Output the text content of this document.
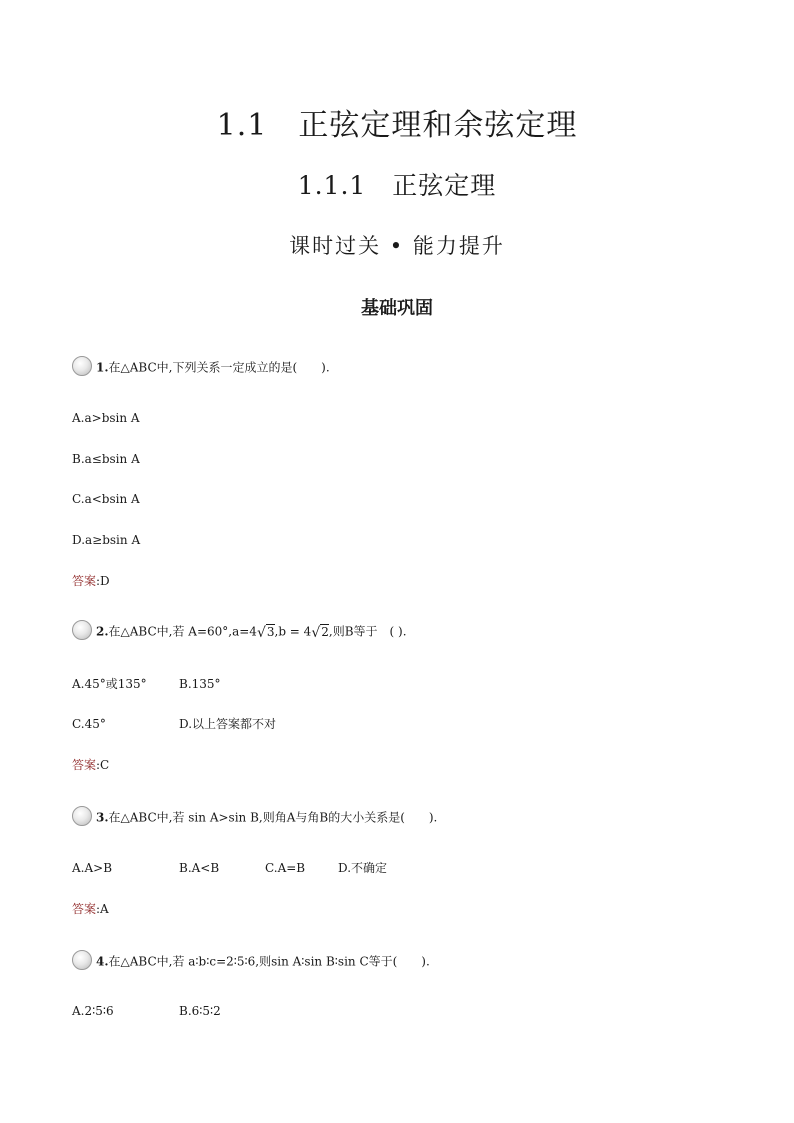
1.1　正弦定理和余弦定理
1.1.1　正弦定理
课时过关 • 能力提升
基础巩固
1.在△ABC中,下列关系一定成立的是(　　).
A.a>bsin A
B.a≤bsin A
C.a<bsin A
D.a≥bsin A
答案:D
2.在△ABC中,若 A=60°,a=4√3,b = 4√2,则B等于　( ).
A.45°或135°	B.135°
C.45°	D.以上答案都不对
答案:C
3.在△ABC中,若 sin A>sin B,则角A与角B的大小关系是(　　).
A.A>B	B.A<B	C.A=B	D.不确定
答案:A
4.在△ABC中,若 a∶b∶c=2∶5∶6,则sin A∶sin B∶sin C等于(　　).
A.2∶5∶6	B.6∶5∶2
